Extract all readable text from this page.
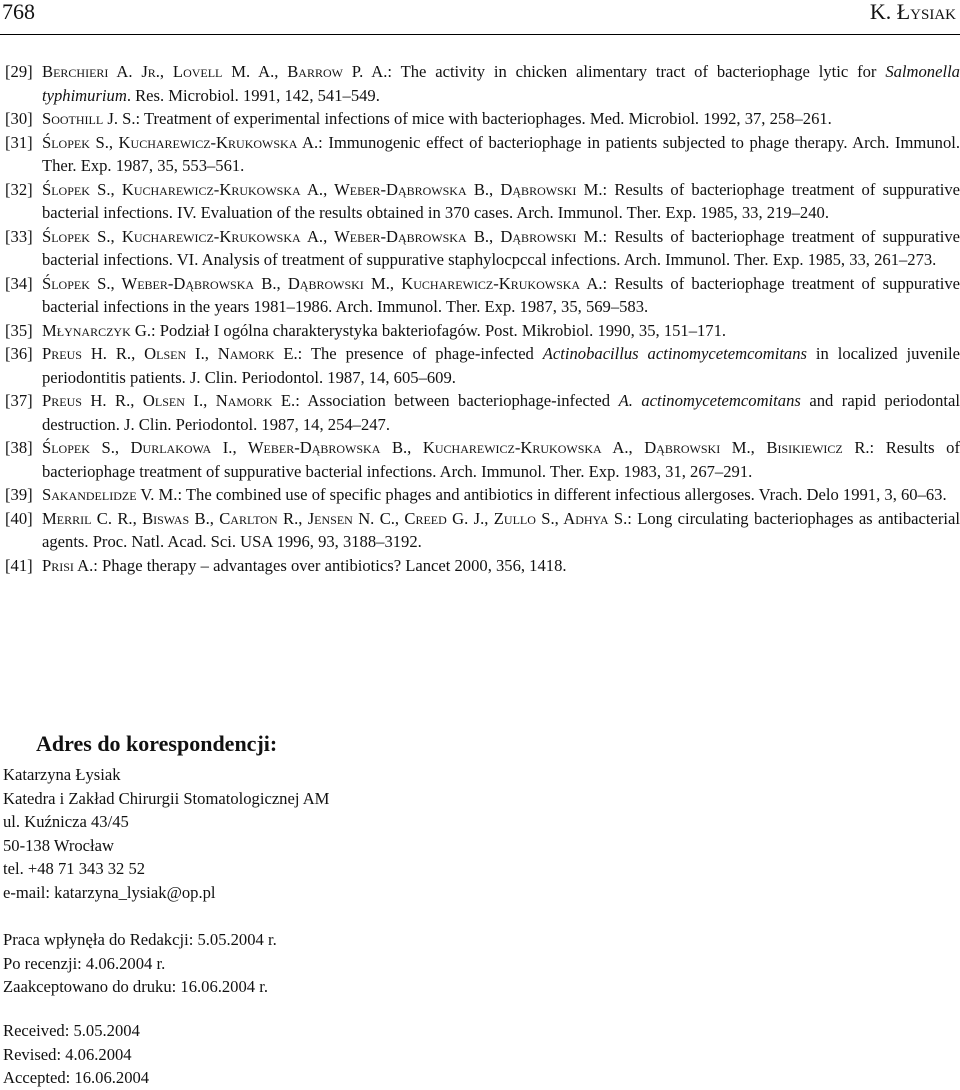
768	K. Łysiak
[29] Berchieri A. Jr., Lovell M. A., Barrow P. A.: The activity in chicken alimentary tract of bacteriophage lytic for Salmonella typhimurium. Res. Microbiol. 1991, 142, 541–549.
[30] Soothill J. S.: Treatment of experimental infections of mice with bacteriophages. Med. Microbiol. 1992, 37, 258–261.
[31] Ślopek S., Kucharewicz-Krukowska A.: Immunogenic effect of bacteriophage in patients subjected to phage therapy. Arch. Immunol. Ther. Exp. 1987, 35, 553–561.
[32] Ślopek S., Kucharewicz-Krukowska A., Weber-Dąbrowska B., Dąbrowski M.: Results of bacteriophage treatment of suppurative bacterial infections. IV. Evaluation of the results obtained in 370 cases. Arch. Immunol. Ther. Exp. 1985, 33, 219–240.
[33] Ślopek S., Kucharewicz-Krukowska A., Weber-Dąbrowska B., Dąbrowski M.: Results of bacteriophage treatment of suppurative bacterial infections. VI. Analysis of treatment of suppurative staphylocpccal infections. Arch. Immunol. Ther. Exp. 1985, 33, 261–273.
[34] Ślopek S., Weber-Dąbrowska B., Dąbrowski M., Kucharewicz-Krukowska A.: Results of bacteriophage treatment of suppurative bacterial infections in the years 1981–1986. Arch. Immunol. Ther. Exp. 1987, 35, 569–583.
[35] Młynarczyk G.: Podział I ogólna charakterystyka bakteriofagów. Post. Mikrobiol. 1990, 35, 151–171.
[36] Preus H. R., Olsen I., Namork E.: The presence of phage-infected Actinobacillus actinomycetemcomitans in localized juvenile periodontitis patients. J. Clin. Periodontol. 1987, 14, 605–609.
[37] Preus H. R., Olsen I., Namork E.: Association between bacteriophage-infected A. actinomycetemcomitans and rapid periodontal destruction. J. Clin. Periodontol. 1987, 14, 254–247.
[38] Ślopek S., Durlakowa I., Weber-Dąbrowska B., Kucharewicz-Krukowska A., Dąbrowski M., Bisikiewicz R.: Results of bacteriophage treatment of suppurative bacterial infections. Arch. Immunol. Ther. Exp. 1983, 31, 267–291.
[39] Sakandelidze V. M.: The combined use of specific phages and antibiotics in different infectious allergoses. Vrach. Delo 1991, 3, 60–63.
[40] Merril C. R., Biswas B., Carlton R., Jensen N. C., Creed G. J., Zullo S., Adhya S.: Long circulating bacteriophages as antibacterial agents. Proc. Natl. Acad. Sci. USA 1996, 93, 3188–3192.
[41] Prisi A.: Phage therapy – advantages over antibiotics? Lancet 2000, 356, 1418.
Adres do korespondencji:
Katarzyna Łysiak
Katedra i Zakład Chirurgii Stomatologicznej AM
ul. Kuźnicza 43/45
50-138 Wrocław
tel. +48 71 343 32 52
e-mail: katarzyna_lysiak@op.pl
Praca wpłynęła do Redakcji: 5.05.2004 r.
Po recenzji: 4.06.2004 r.
Zaakceptowano do druku: 16.06.2004 r.
Received: 5.05.2004
Revised: 4.06.2004
Accepted: 16.06.2004
